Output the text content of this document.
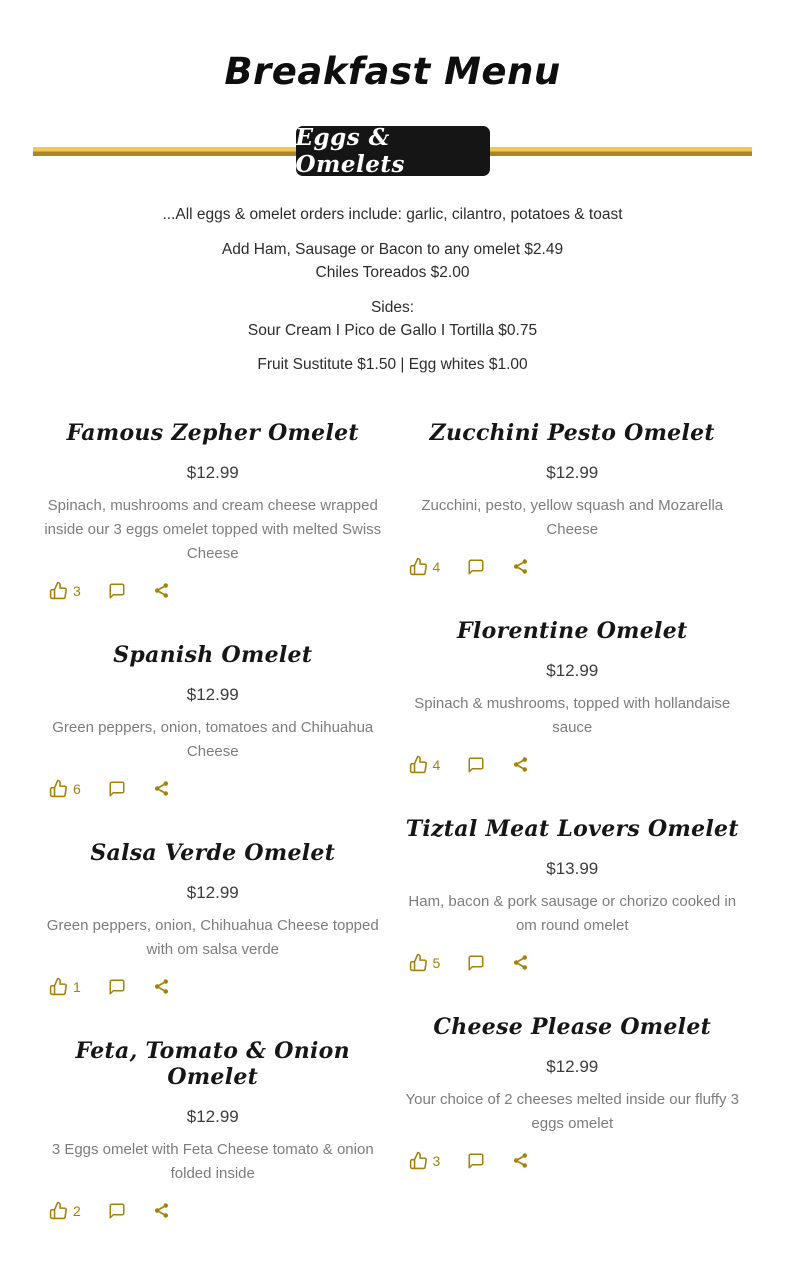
Breakfast Menu
Eggs & Omelets

...All eggs & omelet orders include: garlic, cilantro, potatoes & toast

Add Ham, Sausage or Bacon to any omelet $2.49

Chiles Toreados $2.00

Sides:

Sour Cream I Pico de Gallo I Tortilla $0.75

Fruit Sustitute $1.50 | Egg whites $1.00

Famous Zepher Omelet
$12.99

Spinach, mushrooms and cream cheese wrapped inside our 3 eggs omelet topped with melted Swiss Cheese

3
Spanish Omelet
$12.99

Green peppers, onion, tomatoes and Chihuahua Cheese

6
Salsa Verde Omelet
$12.99

Green peppers, onion, Chihuahua Cheese topped with om salsa verde

1
Feta, Tomato & Onion Omelet
$12.99

3 Eggs omelet with Feta Cheese tomato & onion folded inside

2
Zucchini Pesto Omelet
$12.99

Zucchini, pesto, yellow squash and Mozarella Cheese

4
Florentine Omelet
$12.99

Spinach & mushrooms, topped with hollandaise sauce

4
Tiztal Meat Lovers Omelet
$13.99

Ham, bacon & pork sausage or chorizo cooked in om round omelet

5
Cheese Please Omelet
$12.99

Your choice of 2 cheeses melted inside our fluffy 3 eggs omelet

3
